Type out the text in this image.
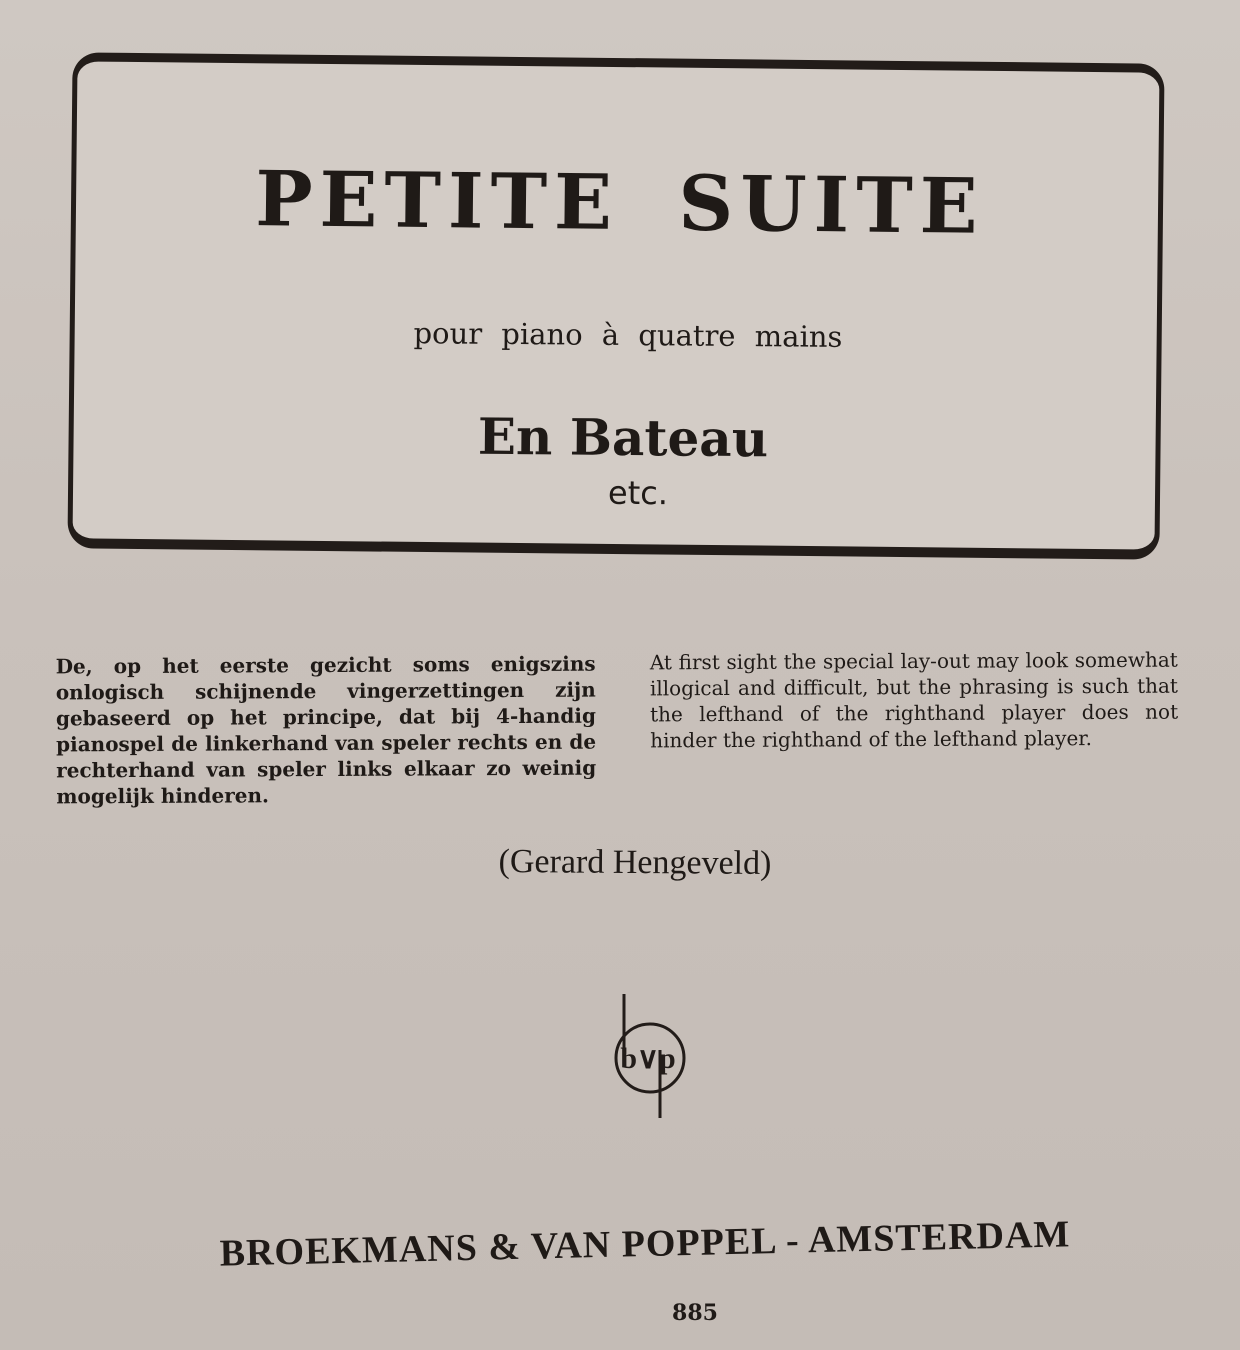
PETITE SUITE
pour piano à quatre mains
En Bateau
etc.
De, op het eerste gezicht soms enigszins onlogisch schijnende vingerzettingen zijn gebaseerd op het principe, dat bij 4-handig pianospel de linkerhand van speler rechts en de rechterhand van speler links elkaar zo weinig mogelijk hinderen.
At first sight the special lay-out may look somewhat illogical and difficult, but the phrasing is such that the lefthand of the righthand player does not hinder the righthand of the lefthand player.
(Gerard Hengeveld)
b∨p
BROEKMANS & VAN POPPEL - AMSTERDAM
885
